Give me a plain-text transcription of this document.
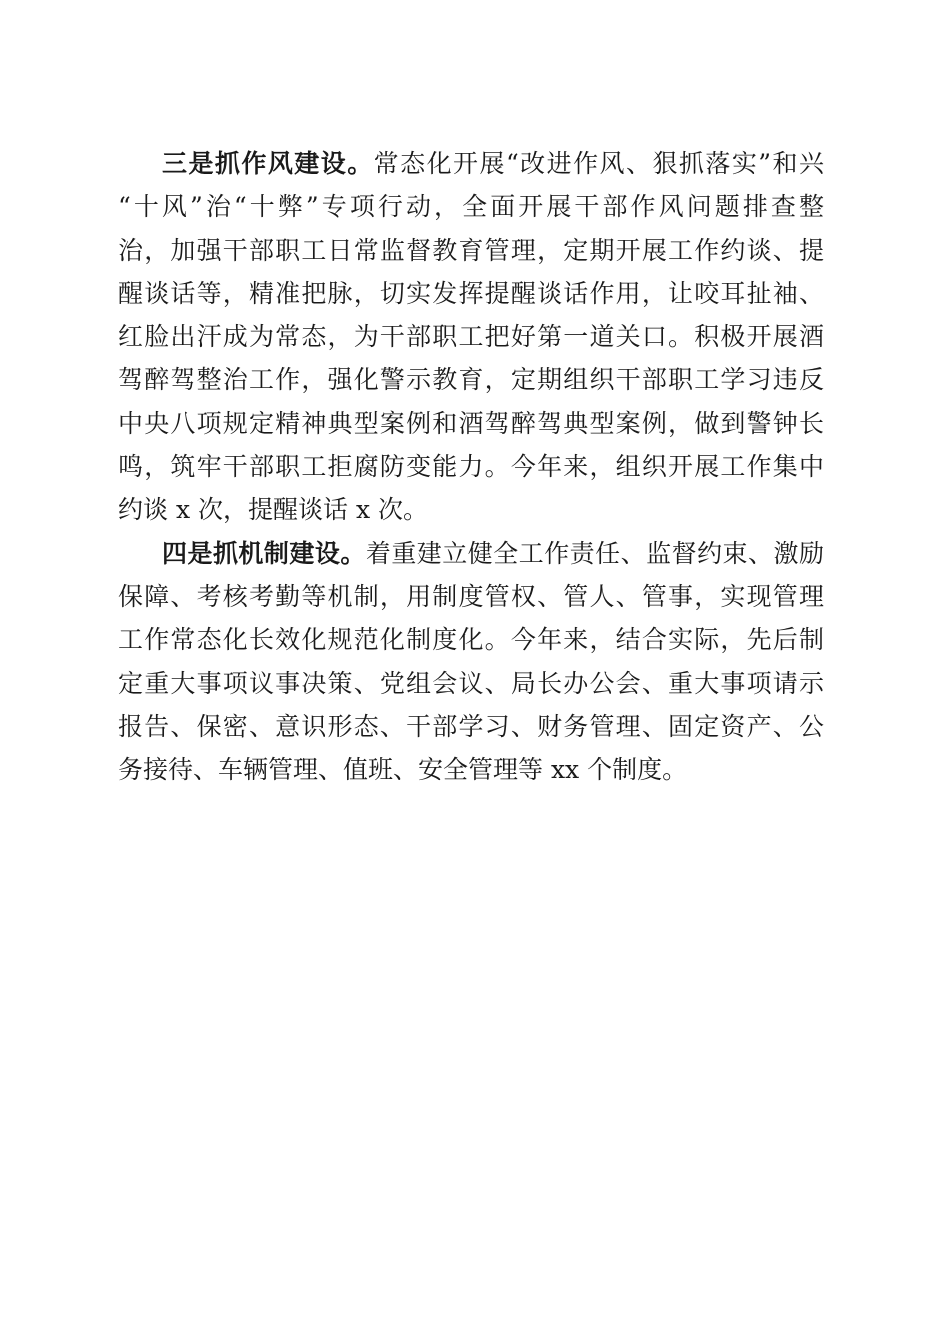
三是抓作风建设。常态化开展“改进作风、狠抓落实”和兴
“十风”治“十弊”专项行动，全面开展干部作风问题排查整
治，加强干部职工日常监督教育管理，定期开展工作约谈、提
醒谈话等，精准把脉，切实发挥提醒谈话作用，让咬耳扯袖、
红脸出汗成为常态，为干部职工把好第一道关口。积极开展酒
驾醉驾整治工作，强化警示教育，定期组织干部职工学习违反
中央八项规定精神典型案例和酒驾醉驾典型案例，做到警钟长
鸣，筑牢干部职工拒腐防变能力。今年来，组织开展工作集中
约谈 x 次，提醒谈话 x 次。
四是抓机制建设。着重建立健全工作责任、监督约束、激励
保障、考核考勤等机制，用制度管权、管人、管事，实现管理
工作常态化长效化规范化制度化。今年来，结合实际，先后制
定重大事项议事决策、党组会议、局长办公会、重大事项请示
报告、保密、意识形态、干部学习、财务管理、固定资产、公
务接待、车辆管理、值班、安全管理等 xx 个制度。
